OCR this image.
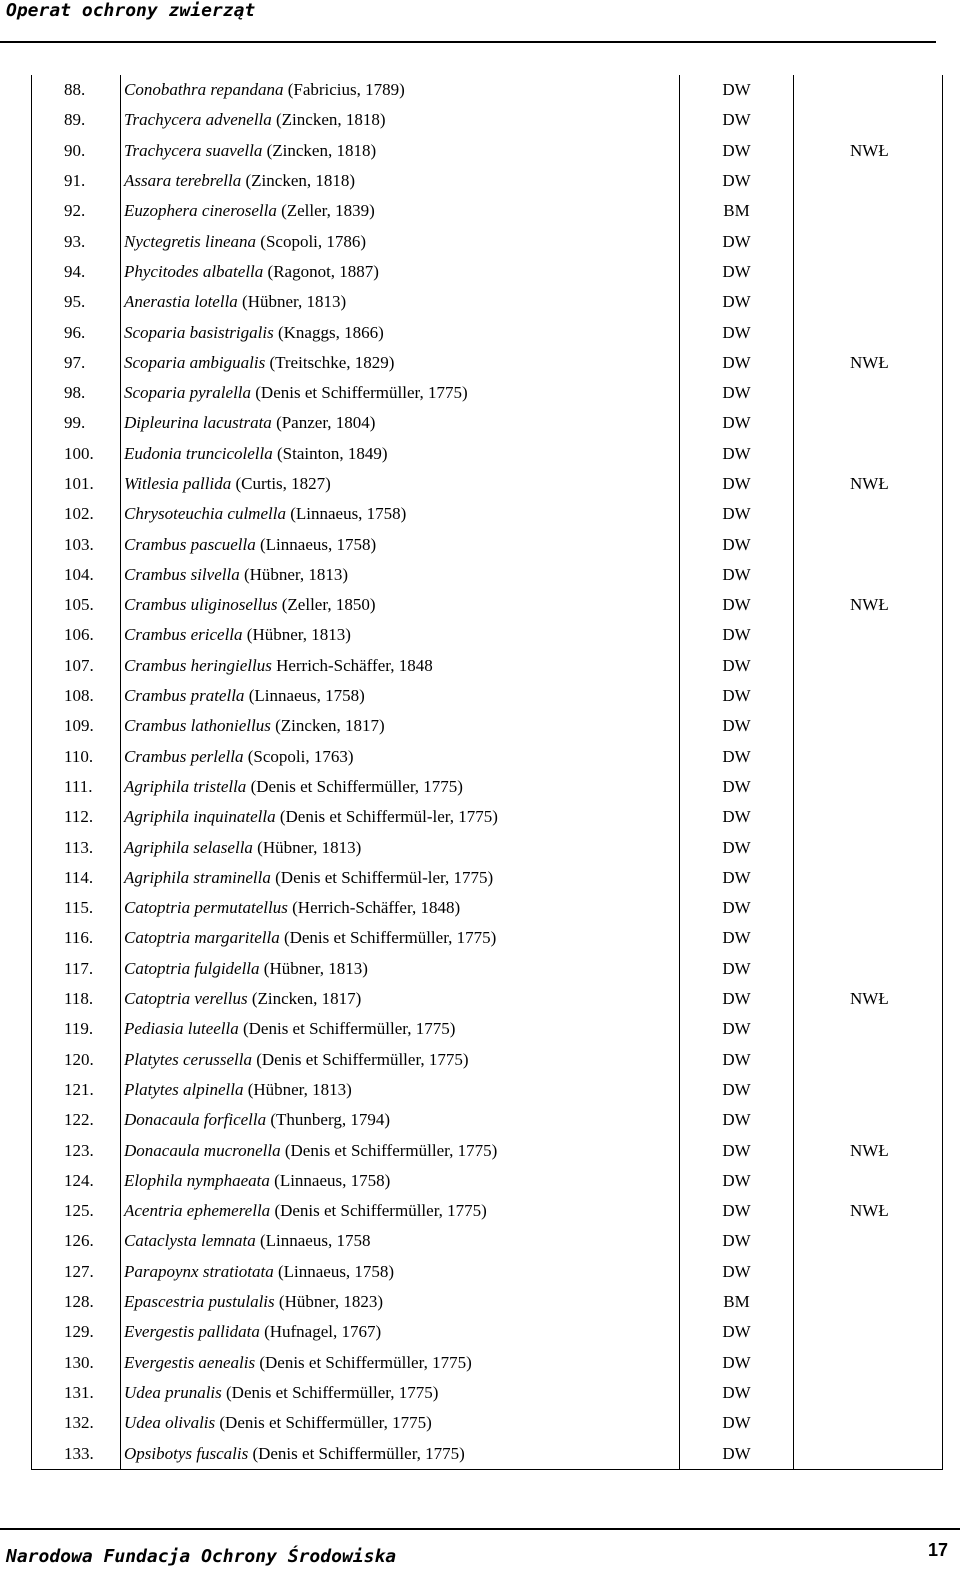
Operat ochrony zwierząt
88.	Conobathra repandana (Fabricius, 1789)	DW	
89.	Trachycera advenella (Zincken, 1818)	DW	
90.	Trachycera suavella (Zincken, 1818)	DW	NWŁ
91.	Assara terebrella (Zincken, 1818)	DW	
92.	Euzophera cinerosella (Zeller, 1839)	BM	
93.	Nyctegretis lineana (Scopoli, 1786)	DW	
94.	Phycitodes albatella (Ragonot, 1887)	DW	
95.	Anerastia lotella (Hübner, 1813)	DW	
96.	Scoparia basistrigalis (Knaggs, 1866)	DW	
97.	Scoparia ambigualis (Treitschke, 1829)	DW	NWŁ
98.	Scoparia pyralella (Denis et Schiffermüller, 1775)	DW	
99.	Dipleurina lacustrata (Panzer, 1804)	DW	
100.	Eudonia truncicolella (Stainton, 1849)	DW	
101.	Witlesia pallida (Curtis, 1827)	DW	NWŁ
102.	Chrysoteuchia culmella (Linnaeus, 1758)	DW	
103.	Crambus pascuella (Linnaeus, 1758)	DW	
104.	Crambus silvella (Hübner, 1813)	DW	
105.	Crambus uliginosellus (Zeller, 1850)	DW	NWŁ
106.	Crambus ericella (Hübner, 1813)	DW	
107.	Crambus heringiellus Herrich-Schäffer, 1848	DW	
108.	Crambus pratella (Linnaeus, 1758)	DW	
109.	Crambus lathoniellus (Zincken, 1817)	DW	
110.	Crambus perlella (Scopoli, 1763)	DW	
111.	Agriphila tristella (Denis et Schiffermüller, 1775)	DW	
112.	Agriphila inquinatella (Denis et Schiffermül-ler, 1775)	DW	
113.	Agriphila selasella (Hübner, 1813)	DW	
114.	Agriphila straminella (Denis et Schiffermül-ler, 1775)	DW	
115.	Catoptria permutatellus (Herrich-Schäffer, 1848)	DW	
116.	Catoptria margaritella (Denis et Schiffermüller, 1775)	DW	
117.	Catoptria fulgidella (Hübner, 1813)	DW	
118.	Catoptria verellus (Zincken, 1817)	DW	NWŁ
119.	Pediasia luteella (Denis et Schiffermüller, 1775)	DW	
120.	Platytes cerussella (Denis et Schiffermüller, 1775)	DW	
121.	Platytes alpinella (Hübner, 1813)	DW	
122.	Donacaula forficella (Thunberg, 1794)	DW	
123.	Donacaula mucronella (Denis et Schiffermüller, 1775)	DW	NWŁ
124.	Elophila nymphaeata (Linnaeus, 1758)	DW	
125.	Acentria ephemerella (Denis et Schiffermüller, 1775)	DW	NWŁ
126.	Cataclysta lemnata (Linnaeus, 1758	DW	
127.	Parapoynx stratiotata (Linnaeus, 1758)	DW	
128.	Epascestria pustulalis (Hübner, 1823)	BM	
129.	Evergestis pallidata (Hufnagel, 1767)	DW	
130.	Evergestis aenealis (Denis et Schiffermüller, 1775)	DW	
131.	Udea prunalis (Denis et Schiffermüller, 1775)	DW	
132.	Udea olivalis (Denis et Schiffermüller, 1775)	DW	
133.	Opsibotys fuscalis (Denis et Schiffermüller, 1775)	DW	
Narodowa Fundacja Ochrony Środowiska	17
